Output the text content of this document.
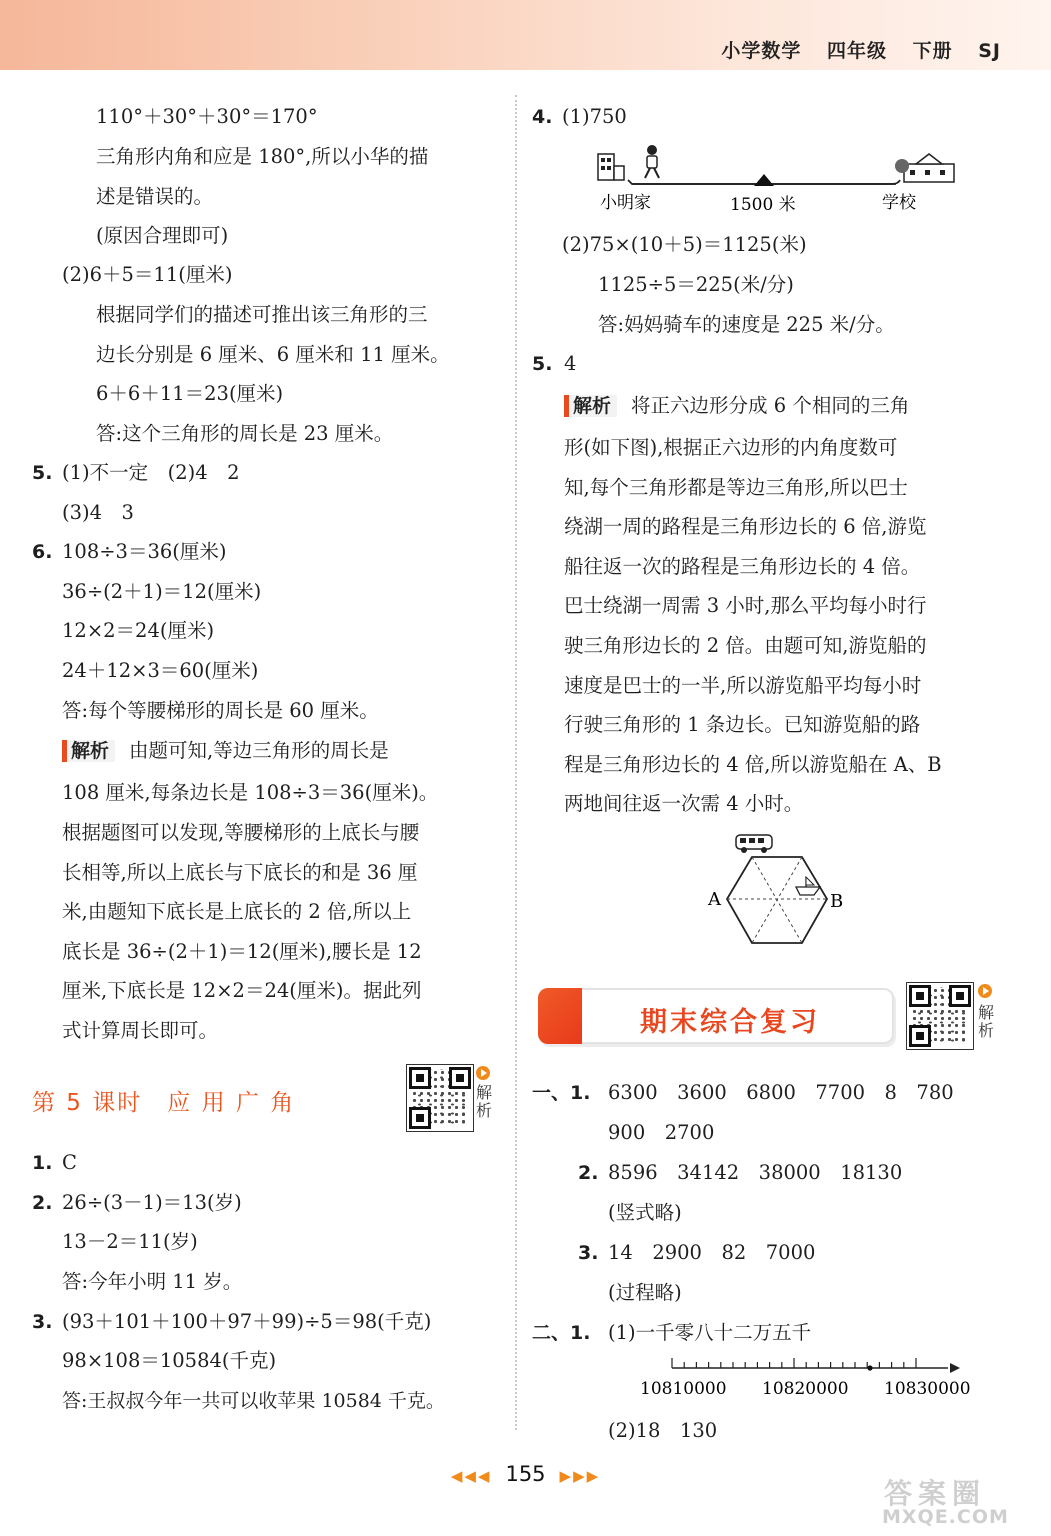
小学数学 四年级 下册 SJ
110°＋30°＋30°＝170°
三角形内角和应是 180°,所以小华的描
述是错误的。
(原因合理即可)
(2)6＋5＝11(厘米)
根据同学们的描述可推出该三角形的三
边长分别是 6 厘米、6 厘米和 11 厘米。
6＋6＋11＝23(厘米)
答:这个三角形的周长是 23 厘米。
5. (1)不一定　(2)4　2
(3)4　3
6. 108÷3＝36(厘米)
36÷(2＋1)＝12(厘米)
12×2＝24(厘米)
24＋12×3＝60(厘米)
答:每个等腰梯形的周长是 60 厘米。
解析 由题可知,等边三角形的周长是
108 厘米,每条边长是 108÷3＝36(厘米)。
根据题图可以发现,等腰梯形的上底长与腰
长相等,所以上底长与下底长的和是 36 厘
米,由题知下底长是上底长的 2 倍,所以上
底长是 36÷(2＋1)＝12(厘米),腰长是 12
厘米,下底长是 12×2＝24(厘米)。据此列
式计算周长即可。
第 5 课时　应 用 广 角
1. C
2. 26÷(3－1)＝13(岁)
13－2＝11(岁)
答:今年小明 11 岁。
3. (93＋101＋100＋97＋99)÷5＝98(千克)
98×108＝10584(千克)
答:王叔叔今年一共可以收苹果 10584 千克。
解析
4. (1)750
小明家	1500 米	学校
(2)75×(10＋5)＝1125(米)
1125÷5＝225(米/分)
答:妈妈骑车的速度是 225 米/分。
5. 4
解析 将正六边形分成 6 个相同的三角
形(如下图),根据正六边形的内角度数可
知,每个三角形都是等边三角形,所以巴士
绕湖一周的路程是三角形边长的 6 倍,游览
船往返一次的路程是三角形边长的 4 倍。
巴士绕湖一周需 3 小时,那么平均每小时行
驶三角形边长的 2 倍。由题可知,游览船的
速度是巴士的一半,所以游览船平均每小时
行驶三角形的 1 条边长。已知游览船的路
程是三角形边长的 4 倍,所以游览船在 A、B
两地间往返一次需 4 小时。
A	B
一、1. 6300　3600　6800　7700　8　780
900　2700
2. 8596　34142　38000　18130
(竖式略)
3. 14　2900　82　7000
(过程略)
二、1. (1)一千零八十二万五千
10810000 10820000 10830000
(2)18　130
期末综合复习	解析
◀◀◀ 155 ▶▶▶
答案圈
MXQE.COM
